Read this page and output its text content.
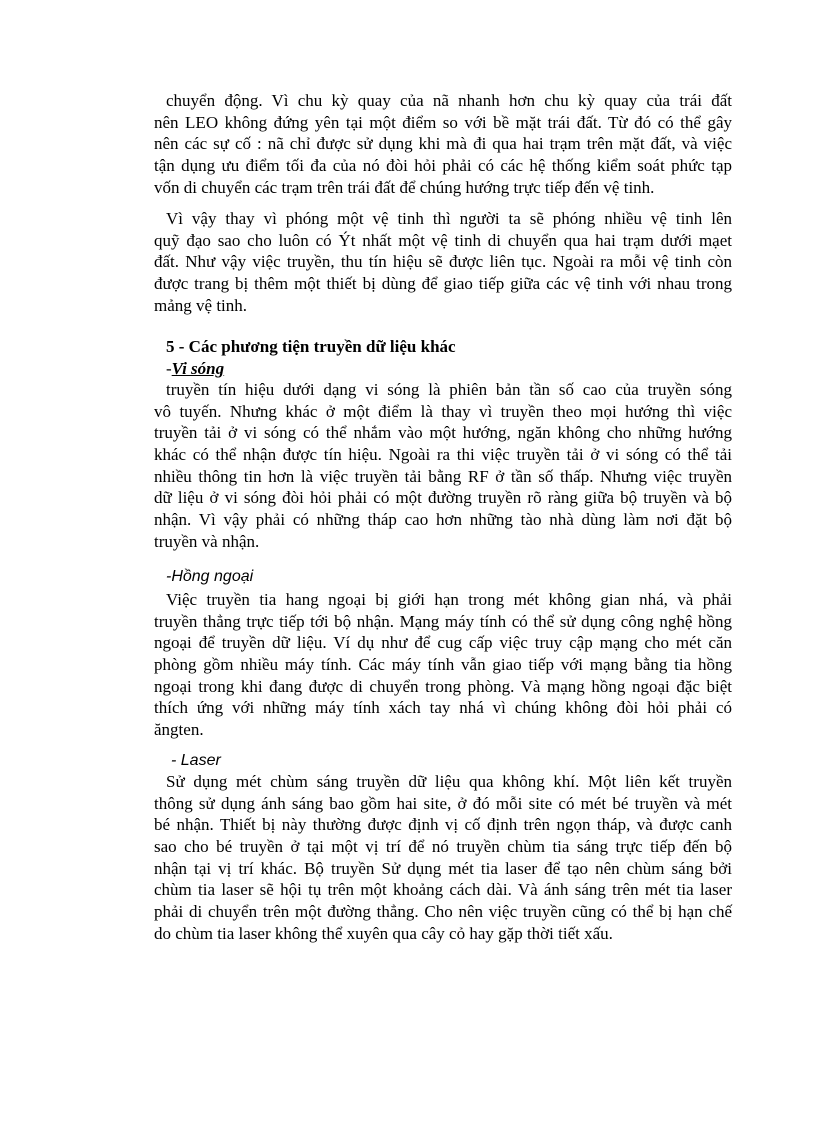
chuyển động. Vì chu kỳ quay của nã nhanh hơn chu kỳ quay của trái đất
nên LEO không đứng yên tại một điểm so với bề mặt trái đất. Từ đó có thể gây
nên các sự cố : nã chỉ được sử dụng khi mà đi qua hai trạm trên mặt đất, và việc
tận dụng ưu điểm tối đa của nó đòi hỏi phải có các hệ thống kiểm soát phức tạp
vốn di chuyển các trạm trên trái đất để chúng hướng trực tiếp đến vệ tinh.
Vì vậy thay vì phóng một vệ tinh thì người ta sẽ phóng nhiều vệ tinh lên
quỹ đạo sao cho luôn có Ýt nhất một vệ tinh di chuyển qua hai trạm dưới mạet
đất. Như vậy việc truyền, thu tín hiệu sẽ được liên tục. Ngoài ra mỗi vệ tinh còn
được trang bị thêm một thiết bị dùng để giao tiếp giữa các vệ tinh với nhau trong
mảng vệ tinh.
5 - Các phương tiện truyền dữ liệu khác
-Vi sóng
truyền tín hiệu dưới dạng vi sóng là phiên bản tần số cao của truyền sóng
vô tuyến. Nhưng khác ở một điểm là thay vì truyền theo mọi hướng thì việc
truyền tải ở vi sóng có thể nhắm vào một hướng, ngăn không cho những hướng
khác có thể nhận được tín hiệu. Ngoài ra thi việc truyền tải ở vi sóng có thể tải
nhiều thông tin hơn là việc truyền tải bằng RF ở tần số thấp. Nhưng việc truyền
dữ liệu ở vi sóng đòi hỏi phải có một đường truyền rõ ràng giữa bộ truyền và bộ
nhận. Vì vậy phải có những tháp cao hơn những tào nhà dùng làm nơi đặt bộ
truyền và nhận.
-Hồng ngoại
Việc truyền tia hang ngoại bị giới hạn trong mét không gian nhá, và phải
truyền thẳng trực tiếp tới bộ nhận. Mạng máy tính có thể sử dụng công nghệ hồng
ngoại để truyền dữ liệu. Ví dụ như để cug cấp việc truy cập mạng cho mét căn
phòng gồm nhiều máy tính. Các máy tính vẫn giao tiếp với mạng bằng tia hồng
ngoại trong khi đang được di chuyển trong phòng. Và mạng hồng ngoại đặc biệt
thích ứng với những máy tính xách tay nhá vì chúng không đòi hỏi phải có
ăngten.
- Laser
Sử dụng mét chùm sáng truyền dữ liệu qua không khí. Một liên kết truyền
thông sử dụng ánh sáng bao gồm hai site, ở đó mỗi site có mét bé truyền và mét
bé nhận. Thiết bị này thường được định vị cố định trên ngọn tháp, và được canh
sao cho bé truyền ở tại một vị trí để nó truyền chùm tia sáng trực tiếp đến bộ
nhận tại vị trí khác. Bộ truyền Sử dụng mét tia laser để tạo nên chùm sáng bởi
chùm tia laser sẽ hội tụ trên một khoảng cách dài. Và ánh sáng trên mét tia laser
phải di chuyển trên một đường thẳng. Cho nên việc truyền cũng có thể bị hạn chế
do chùm tia laser không thể xuyên qua cây cỏ hay gặp thời tiết xấu.
